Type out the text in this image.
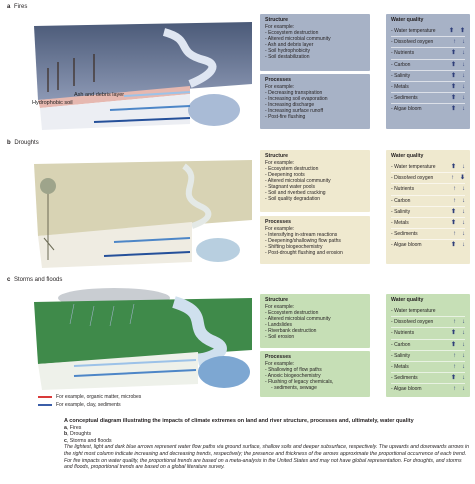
a Fires
Hydrophobic soil
Ash and debris layer
Structure
For example:
- Ecosystem destruction
- Altered microbial community
- Ash and debris layer
- Soil hydrophobicity
- Soil destabilization
Processes
For example:
- Decreasing transpiration
- Increasing soil evaporation
- Increasing discharge
- Increasing surface runoff
- Post-fire flushing
Water quality
- Water temperature ⬆ ⬆
- Dissolved oxygen	↑ ↓
- Nutrients	⬆ ↓
- Carbon	⬆ ↓
- Salinity	⬆ ↓
- Metals	⬆ ↓
- Sediments	⬆ ↓
- Algae bloom	⬆ ↓
b Droughts
Structure
For example:
- Ecosystem destruction
- Deepening roots
- Altered microbial community
- Stagnant water pools
- Soil and riverbed cracking
- Soil quality degradation
Processes
For example:
- Intensifying in-stream reactions
- Deepening/shallowing flow paths
- Shifting biogeochemistry
- Post-drought flushing and erosion
Water quality
- Water temperature	⬆ ↓
- Dissolved oxygen	↑ ⬇
- Nutrients	↑ ↓
- Carbon	↑ ↓
- Salinity	⬆ ↓
- Metals	⬆ ↓
- Sediments	↑ ↓
- Algae bloom	⬆ ↓
c Storms and floods
Structure
For example:
- Ecosystem destruction
- Altered microbial community
- Landslides
- Riverbank destruction
- Soil erosion
Processes
For example:
- Shallowing of flow paths
- Anoxic biogeochemistry
- Flushing of legacy chemicals,
- sediments, sewage
Water quality
- Water temperature
- Dissolved oxygen	↑ ↓
- Nutrients	⬆ ↓
- Carbon	⬆ ↓
- Salinity	↑ ↓
- Metals	↑ ↓
- Sediments	⬆ ↓
- Algae bloom	↑ ↓
For example, organic matter, microbes
For example, clay, sediments
A conceptual diagram illustrating the impacts of climate extremes on land and river structure, processes and, ultimately, water quality
a, Fires
b, Droughts
c, Storms and floods
The lightest, light and dark blue arrows represent water flow paths via ground surface, shallow soils and deeper subsurface, respectively. The upwards and downwards arrows in the right most column indicate increasing and decreasing trends, respectively; the presence and thickness of the arrows approximate the proportional occurrence of each trend. For fire impacts on water quality, the proportional trends are based on a meta-analysis in the United States and may not have global representation. For droughts, and storms and floods, proportional trends are based on a global literature survey.
